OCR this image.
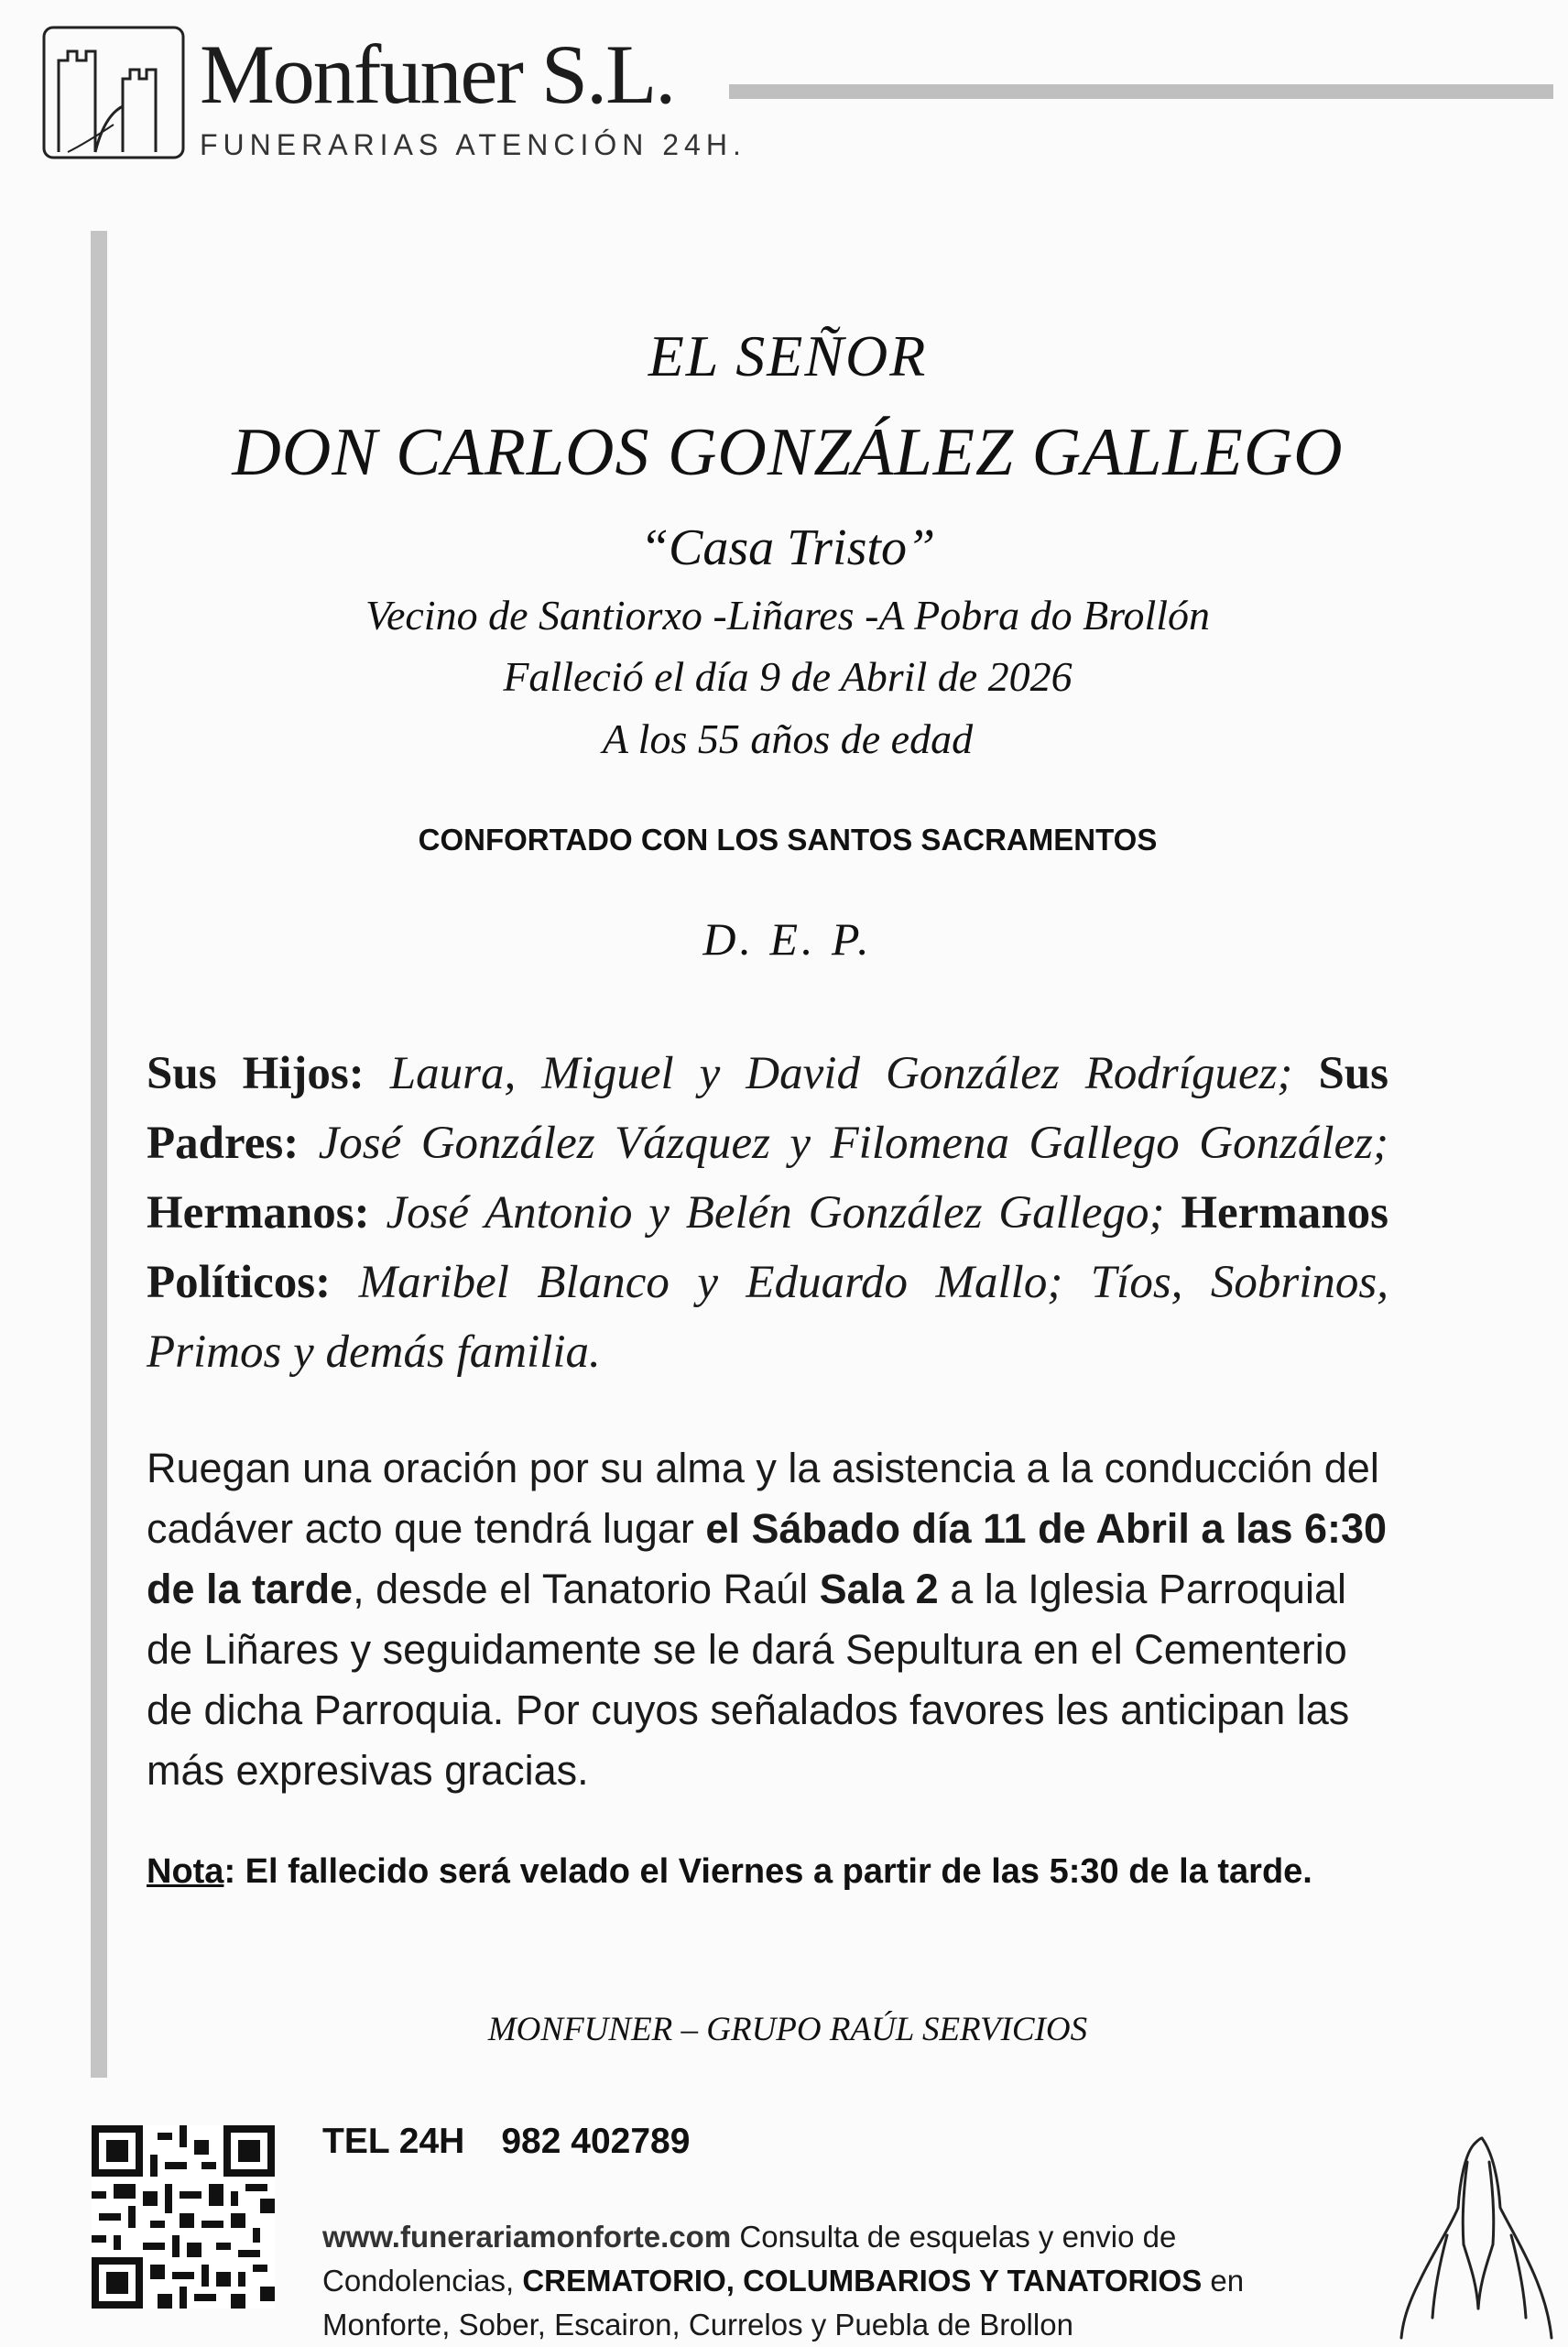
Monfuner S.L.
FUNERARIAS ATENCIÓN 24H.
EL SEÑOR
DON CARLOS GONZÁLEZ GALLEGO
“Casa Tristo”
Vecino de Santiorxo -Liñares -A Pobra do Brollón
Falleció el día 9 de Abril de 2026
A los 55 años de edad
CONFORTADO CON LOS SANTOS SACRAMENTOS
D. E. P.
Sus Hijos: Laura, Miguel y David González Rodríguez; Sus Padres: José González Vázquez y Filomena Gallego González; Hermanos: José Antonio y Belén González Gallego; Hermanos Políticos: Maribel Blanco y Eduardo Mallo; Tíos, Sobrinos, Primos y demás familia.
Ruegan una oración por su alma y la asistencia a la conducción del cadáver acto que tendrá lugar el Sábado día 11 de Abril a las 6:30 de la tarde, desde el Tanatorio Raúl Sala 2 a la Iglesia Parroquial de Liñares y seguidamente se le dará Sepultura en el Cementerio de dicha Parroquia. Por cuyos señalados favores les anticipan las más expresivas gracias.
Nota: El fallecido será velado el Viernes a partir de las 5:30 de la tarde.
MONFUNER – GRUPO RAÚL SERVICIOS
TEL 24H 982 402789
www.funerariamonforte.com Consulta de esquelas y envio de Condolencias, CREMATORIO, COLUMBARIOS Y TANATORIOS en Monforte, Sober, Escairon, Currelos y Puebla de Brollon
